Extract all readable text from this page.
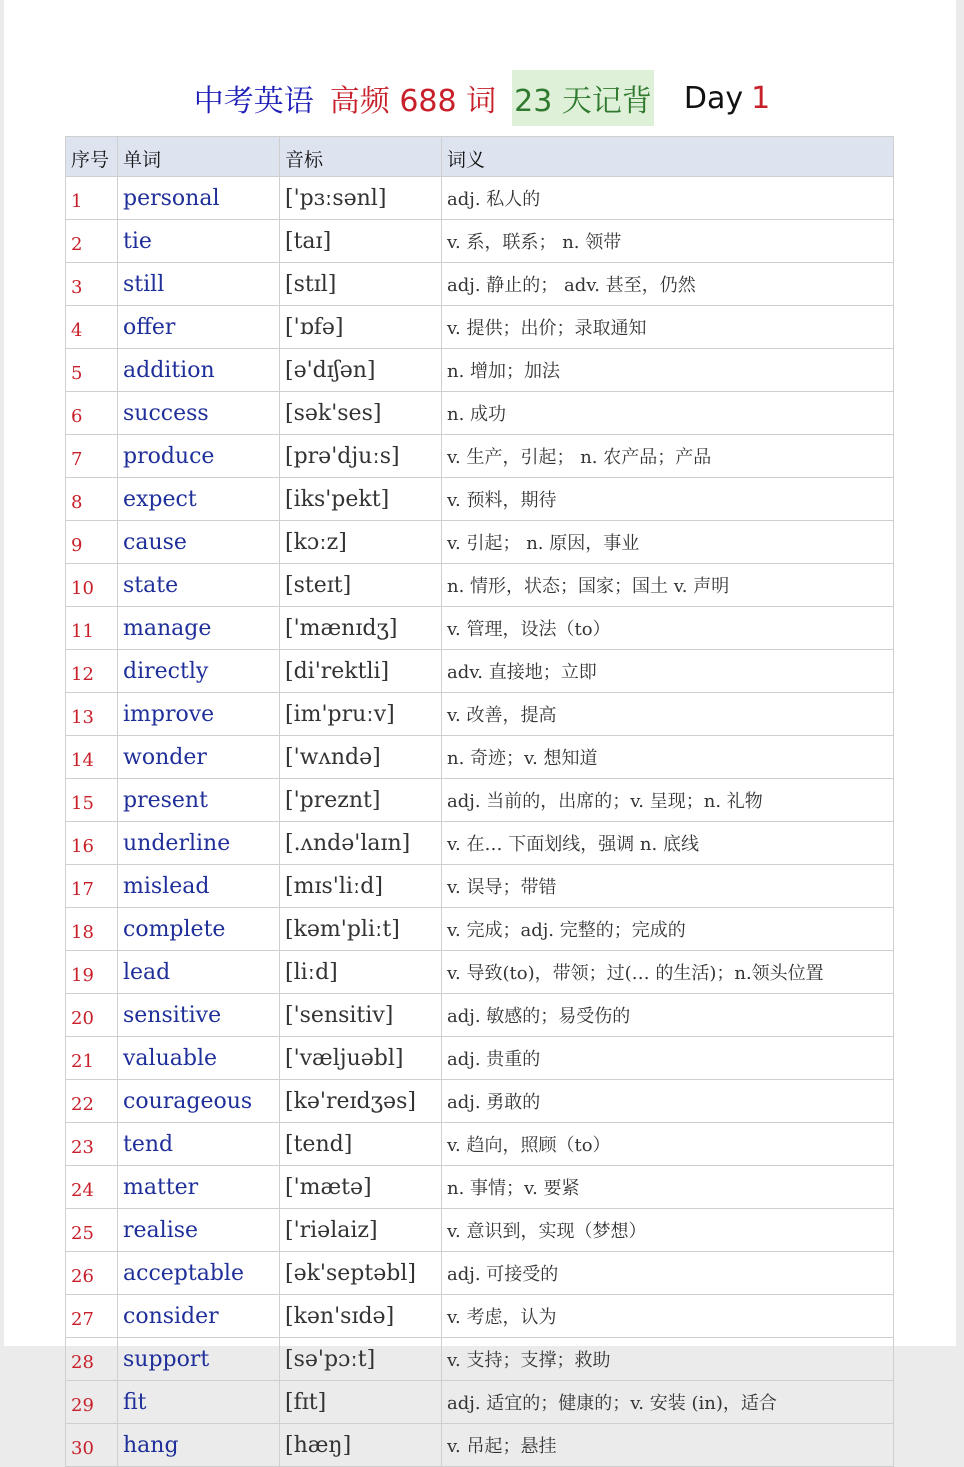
中考英语 高频 688 词 23 天记背 Day 1
序号	单词	音标	词义
1	personal	['pɜːsənl]	adj. 私人的
2	tie	[taɪ]	v. 系，联系； n. 领带
3	still	[stɪl]	adj. 静止的； adv. 甚至，仍然
4	offer	['ɒfə]	v. 提供；出价；录取通知
5	addition	[ə'dɪʃən]	n. 增加；加法
6	success	[sək'ses]	n. 成功
7	produce	[prə'djuːs]	v. 生产，引起； n. 农产品；产品
8	expect	[iks'pekt]	v. 预料，期待
9	cause	[kɔːz]	v. 引起； n. 原因，事业
10	state	[steɪt]	n. 情形，状态；国家；国土 v. 声明
11	manage	['mænɪdʒ]	v. 管理，设法（to）
12	directly	[di'rektli]	adv. 直接地；立即
13	improve	[im'pruːv]	v. 改善，提高
14	wonder	['wʌndə]	n. 奇迹；v. 想知道
15	present	['preznt]	adj. 当前的，出席的；v. 呈现；n. 礼物
16	underline	[.ʌndə'laɪn]	v. 在… 下面划线，强调 n. 底线
17	mislead	[mɪs'liːd]	v. 误导；带错
18	complete	[kəm'pliːt]	v. 完成；adj. 完整的；完成的
19	lead	[liːd]	v. 导致(to)，带领；过(… 的生活)；n.领头位置
20	sensitive	['sensitiv]	adj. 敏感的；易受伤的
21	valuable	['væljuəbl]	adj. 贵重的
22	courageous	[kə'reɪdʒəs]	adj. 勇敢的
23	tend	[tend]	v. 趋向，照顾（to）
24	matter	['mætə]	n. 事情；v. 要紧
25	realise	['riəlaiz]	v. 意识到，实现（梦想）
26	acceptable	[ək'septəbl]	adj. 可接受的
27	consider	[kən'sɪdə]	v. 考虑，认为
28	support	[sə'pɔːt]	v. 支持；支撑；救助
29	fit	[fɪt]	adj. 适宜的；健康的；v. 安装 (in)，适合
30	hang	[hæŋ]	v. 吊起；悬挂
